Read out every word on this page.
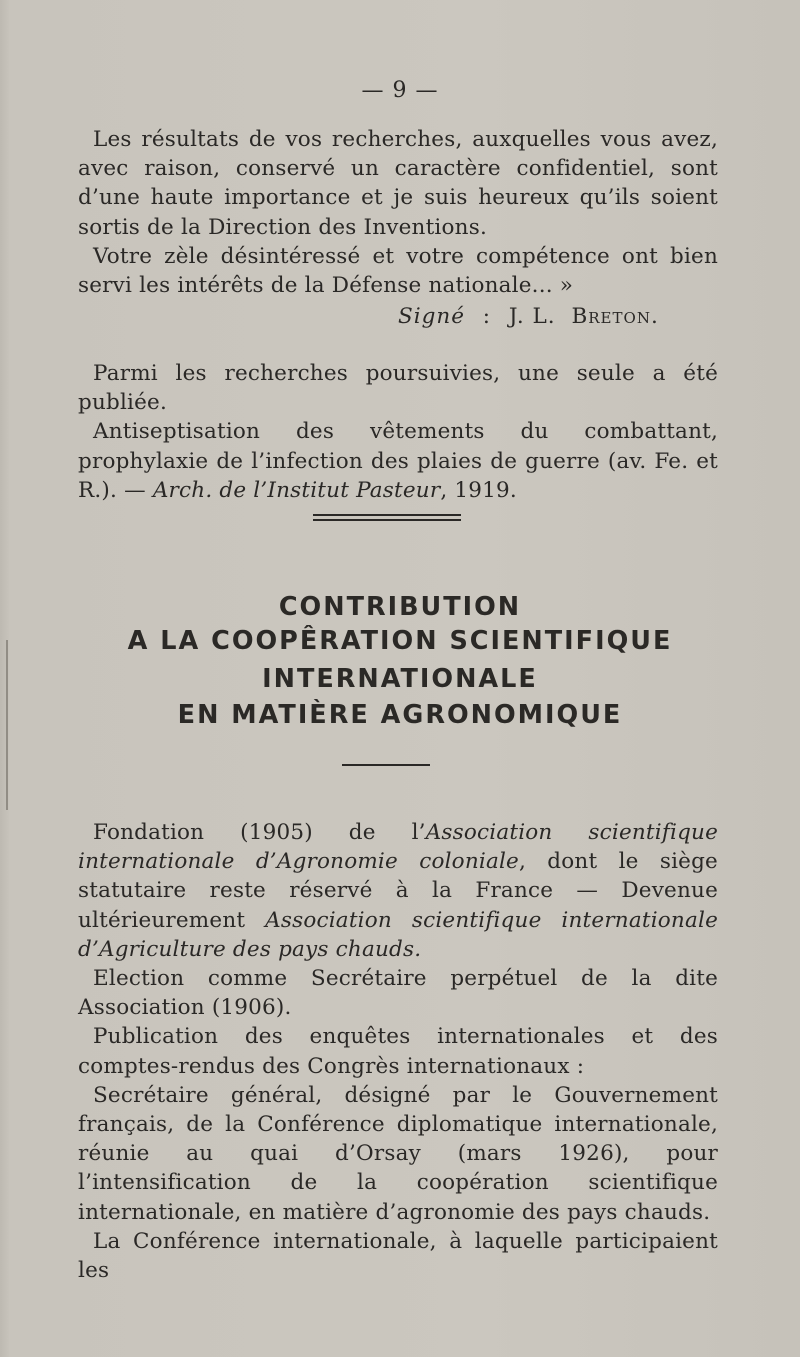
— 9 —

Les résultats de vos recherches, auxquelles vous avez, avec raison, conservé un caractère confidentiel, sont d’une haute importance et je suis heureux qu’ils soient sortis de la Direction des Inventions.

Votre zèle désintéressé et votre compétence ont bien servi les intérêts de la Défense nationale... »

Signé : J. L. Breton.

Parmi les recherches poursuivies, une seule a été publiée.

Antiseptisation des vêtements du combattant, prophylaxie de l’infection des plaies de guerre (av. Fe. et R.). — Arch. de l’Institut Pasteur, 1919.

CONTRIBUTION
A LA COOPÊRATION SCIENTIFIQUE
INTERNATIONALE
EN MATIÈRE AGRONOMIQUE

Fondation (1905) de l’Association scientifique internationale d’Agronomie coloniale, dont le siège statutaire reste réservé à la France — Devenue ultérieurement Association scientifique internationale d’Agriculture des pays chauds.

Election comme Secrétaire perpétuel de la dite Association (1906).

Publication des enquêtes internationales et des comptes-rendus des Congrès internationaux :

Secrétaire général, désigné par le Gouvernement français, de la Conférence diplomatique internationale, réunie au quai d’Orsay (mars 1926), pour l’intensification de la coopération scientifique internationale, en matière d’agronomie des pays chauds.

La Conférence internationale, à laquelle participaient les
